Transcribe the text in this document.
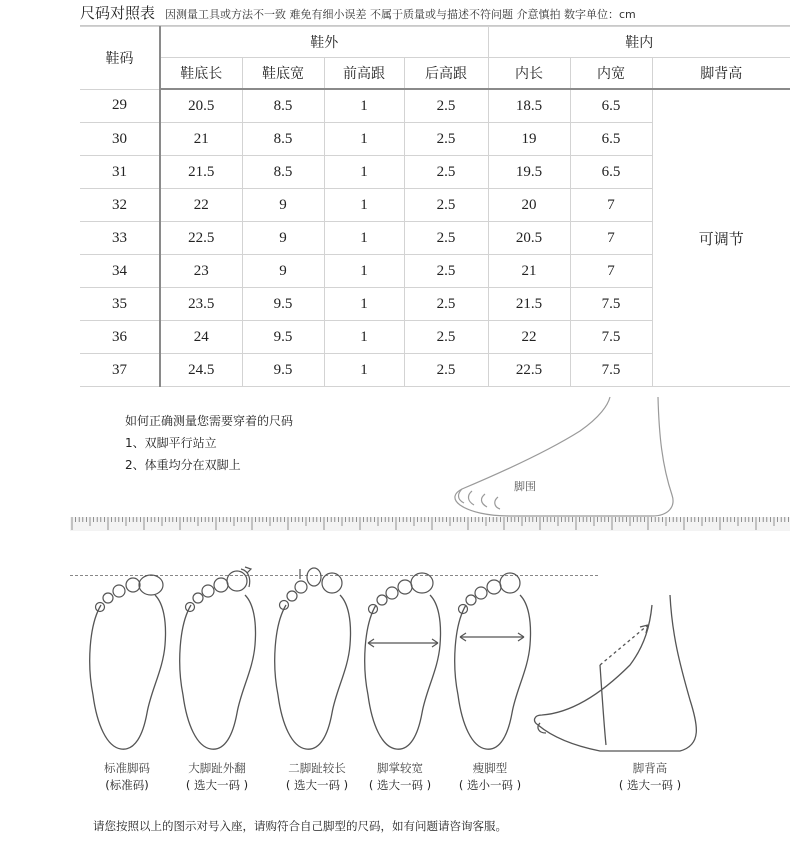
尺码对照表 因测量工具或方法不一致 难免有细小误差 不属于质量或与描述不符问题 介意慎拍 数字单位：cm
鞋码	鞋外				鞋内		
	鞋底长	鞋底宽	前高跟	后高跟	内长	内宽	脚背高
29	20.5	8.5	1	2.5	18.5	6.5	可调节
30	21	8.5	1	2.5	19	6.5	
31	21.5	8.5	1	2.5	19.5	6.5	
32	22	9	1	2.5	20	7	
33	22.5	9	1	2.5	20.5	7	
34	23	9	1	2.5	21	7	
35	23.5	9.5	1	2.5	21.5	7.5	
36	24	9.5	1	2.5	22	7.5	
37	24.5	9.5	1	2.5	22.5	7.5	
如何正确测量您需要穿着的尺码
1、双脚平行站立
2、体重均分在双脚上
脚围
标准脚码
(标准码)
大脚趾外翻
( 选大一码 )
二脚趾较长
( 选大一码 )
脚掌较宽
( 选大一码 )
瘦脚型
( 选小一码 )
脚背高
( 选大一码 )
请您按照以上的图示对号入座，请购符合自己脚型的尺码，如有问题请咨询客服。
